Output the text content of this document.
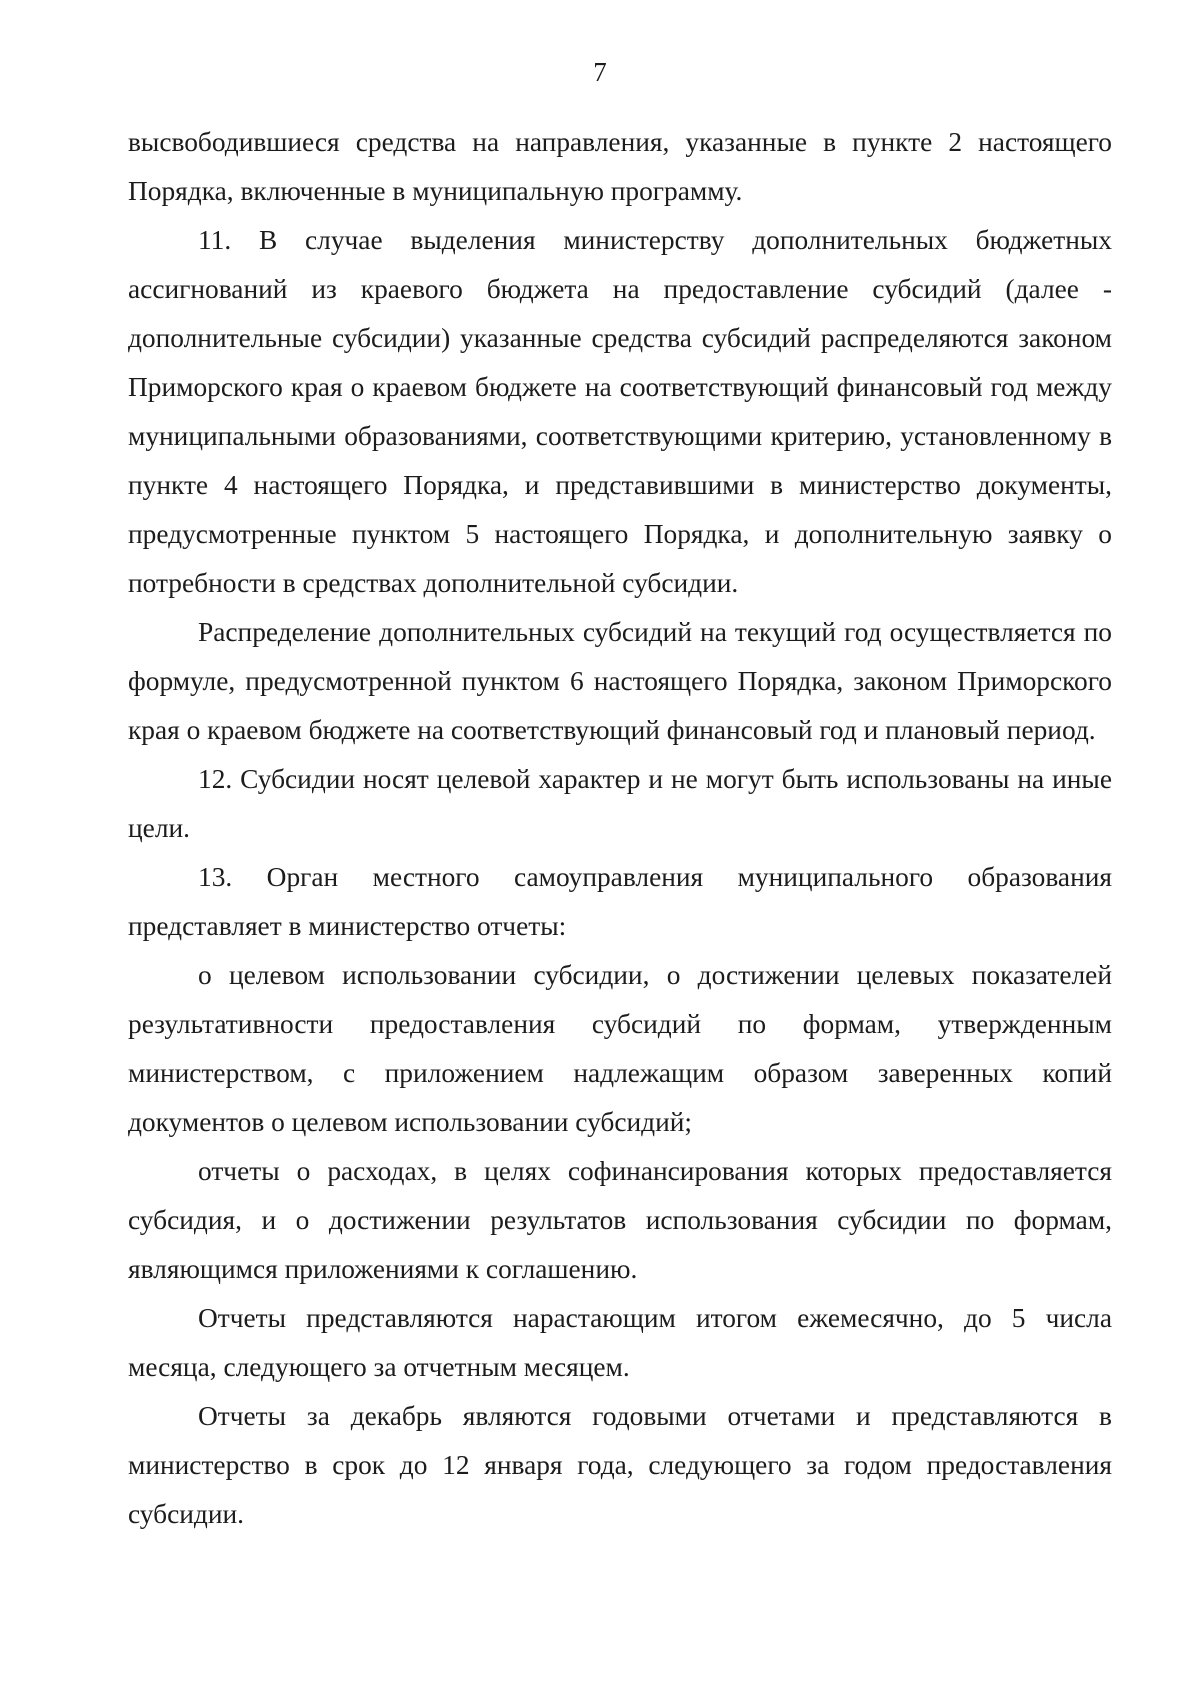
7

высвободившиеся средства на направления, указанные в пункте 2 настоящего Порядка, включенные в муниципальную программу.

11. В случае выделения министерству дополнительных бюджетных ассигнований из краевого бюджета на предоставление субсидий (далее - дополнительные субсидии) указанные средства субсидий распределяются законом Приморского края о краевом бюджете на соответствующий финансовый год между муниципальными образованиями, соответствующими критерию, установленному в пункте 4 настоящего Порядка, и представившими в министерство документы, предусмотренные пунктом 5 настоящего Порядка, и дополнительную заявку о потребности в средствах дополнительной субсидии.

Распределение дополнительных субсидий на текущий год осуществляется по формуле, предусмотренной пунктом 6 настоящего Порядка, законом Приморского края о краевом бюджете на соответствующий финансовый год и плановый период.

12. Субсидии носят целевой характер и не могут быть использованы на иные цели.

13. Орган местного самоуправления муниципального образования представляет в министерство отчеты:

о целевом использовании субсидии, о достижении целевых показателей результативности предоставления субсидий по формам, утвержденным министерством, с приложением надлежащим образом заверенных копий документов о целевом использовании субсидий;

отчеты о расходах, в целях софинансирования которых предоставляется субсидия, и о достижении результатов использования субсидии по формам, являющимся приложениями к соглашению.

Отчеты представляются нарастающим итогом ежемесячно, до 5 числа месяца, следующего за отчетным месяцем.

Отчеты за декабрь являются годовыми отчетами и представляются в министерство в срок до 12 января года, следующего за годом предоставления субсидии.
